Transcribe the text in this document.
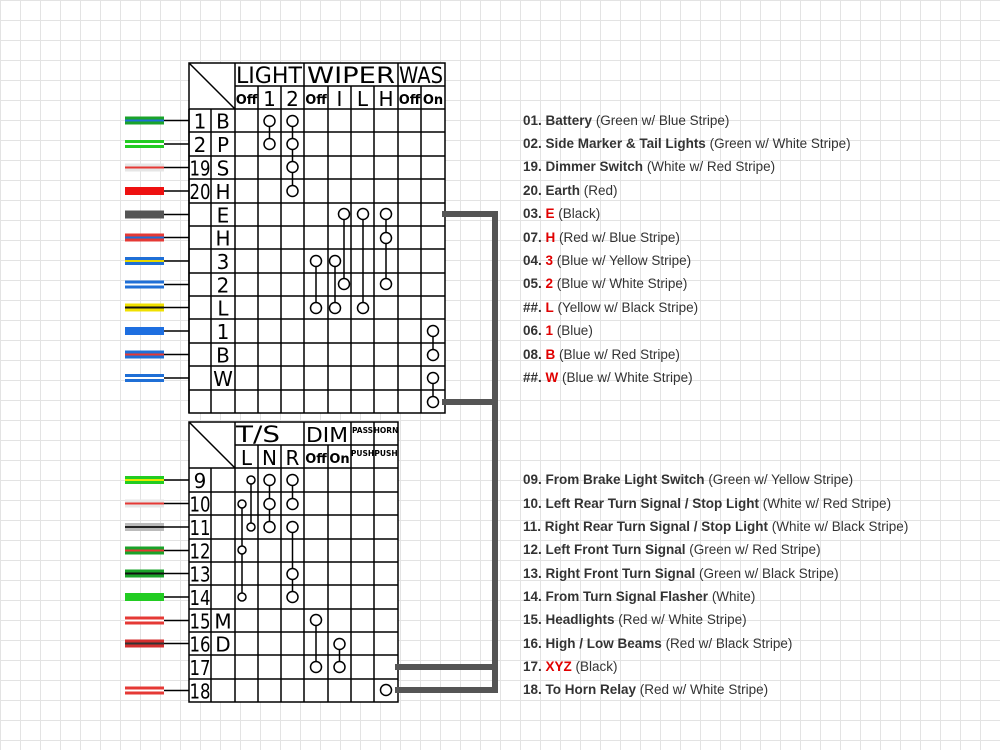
LIGHT WIPER WAS
Off 1 2 Off I L H Off On
T/S DIM PASS HORN
L N R Off On PUSH PUSH
1 B
2 P
19 S
20 H
E
H
3
2
L
1
B
W
9
10
11
12
13
14
15 M
16 D
17
18
01. Battery (Green w/ Blue Stripe)
02. Side Marker & Tail Lights (Green w/ White Stripe)
19. Dimmer Switch (White w/ Red Stripe)
20. Earth (Red)
03. E (Black)
07. H (Red w/ Blue Stripe)
04. 3 (Blue w/ Yellow Stripe)
05. 2 (Blue w/ White Stripe)
##. L (Yellow w/ Black Stripe)
06. 1 (Blue)
08. B (Blue w/ Red Stripe)
##. W (Blue w/ White Stripe)
09. From Brake Light Switch (Green w/ Yellow Stripe)
10. Left Rear Turn Signal / Stop Light (White w/ Red Stripe)
11. Right Rear Turn Signal / Stop Light (White w/ Black Stripe)
12. Left Front Turn Signal (Green w/ Red Stripe)
13. Right Front Turn Signal (Green w/ Black Stripe)
14. From Turn Signal Flasher (White)
15. Headlights (Red w/ White Stripe)
16. High / Low Beams (Red w/ Black Stripe)
17. XYZ (Black)
18. To Horn Relay (Red w/ White Stripe)
